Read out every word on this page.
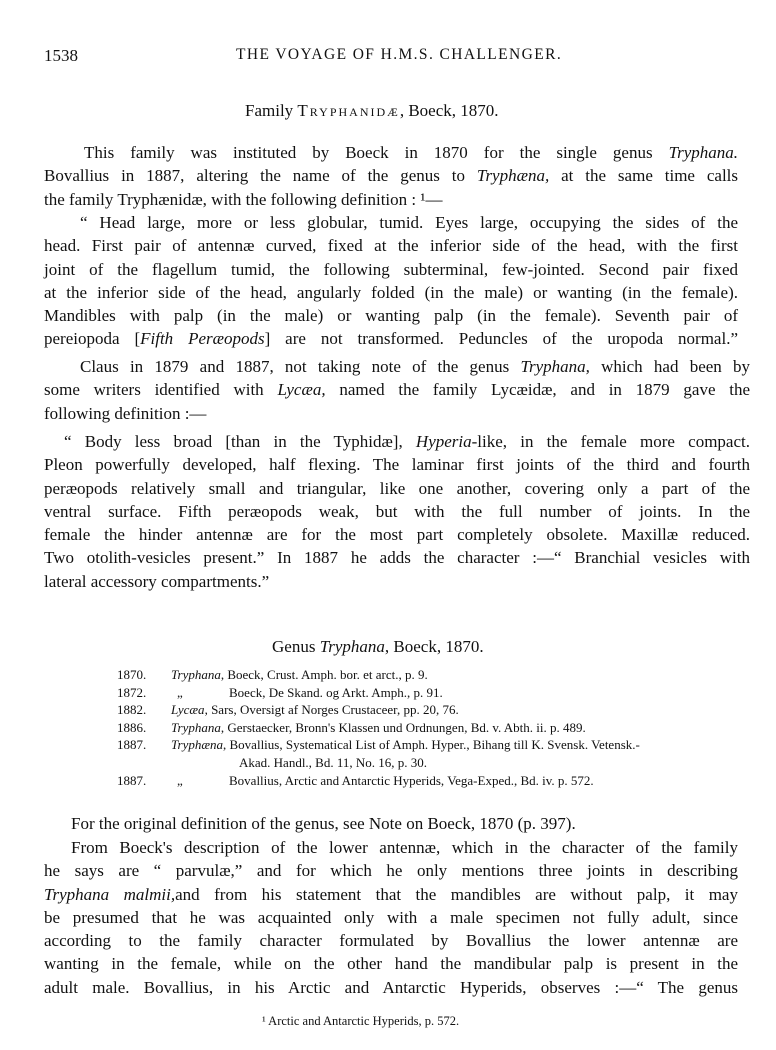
1538	THE VOYAGE OF H.M.S. CHALLENGER.
Family Tryphanidæ, Boeck, 1870.
This family was instituted by Boeck in 1870 for the single genus Tryphana.
Bovallius in 1887, altering the name of the genus to Tryphæna, at the same time calls
the family Tryphænidæ, with the following definition : ¹—
“ Head large, more or less globular, tumid. Eyes large, occupying the sides of the
head. First pair of antennæ curved, fixed at the inferior side of the head, with the first
joint of the flagellum tumid, the following subterminal, few-jointed. Second pair fixed
at the inferior side of the head, angularly folded (in the male) or wanting (in the female).
Mandibles with palp (in the male) or wanting palp (in the female). Seventh pair of
pereiopoda [Fifth Peræopods] are not transformed. Peduncles of the uropoda normal.”
Claus in 1879 and 1887, not taking note of the genus Tryphana, which had been by
some writers identified with Lycæa, named the family Lycæidæ, and in 1879 gave the
following definition :—
“ Body less broad [than in the Typhidæ], Hyperia-like, in the female more compact.
Pleon powerfully developed, half flexing. The laminar first joints of the third and fourth
peræopods relatively small and triangular, like one another, covering only a part of the
ventral surface. Fifth peræopods weak, but with the full number of joints. In the
female the hinder antennæ are for the most part completely obsolete. Maxillæ reduced.
Two otolith-vesicles present.” In 1887 he adds the character :—“ Branchial vesicles with
lateral accessory compartments.”
Genus Tryphana, Boeck, 1870.
1870. Tryphana, Boeck, Crust. Amph. bor. et arct., p. 9.
1872. „	Boeck, De Skand. og Arkt. Amph., p. 91.
1882. Lycæa, Sars, Oversigt af Norges Crustaceer, pp. 20, 76.
1886. Tryphana, Gerstaecker, Bronn's Klassen und Ordnungen, Bd. v. Abth. ii. p. 489.
1887. Tryphæna, Bovallius, Systematical List of Amph. Hyper., Bihang till K. Svensk. Vetensk.-
Akad. Handl., Bd. 11, No. 16, p. 30.
1887. „	Bovallius, Arctic and Antarctic Hyperids, Vega-Exped., Bd. iv. p. 572.
For the original definition of the genus, see Note on Boeck, 1870 (p. 397).
From Boeck's description of the lower antennæ, which in the character of the family
he says are “ parvulæ,” and for which he only mentions three joints in describing
Tryphana malmii,and from his statement that the mandibles are without palp, it may
be presumed that he was acquainted only with a male specimen not fully adult, since
according to the family character formulated by Bovallius the lower antennæ are
wanting in the female, while on the other hand the mandibular palp is present in the
adult male. Bovallius, in his Arctic and Antarctic Hyperids, observes :—“ The genus
¹ Arctic and Antarctic Hyperids, p. 572.
